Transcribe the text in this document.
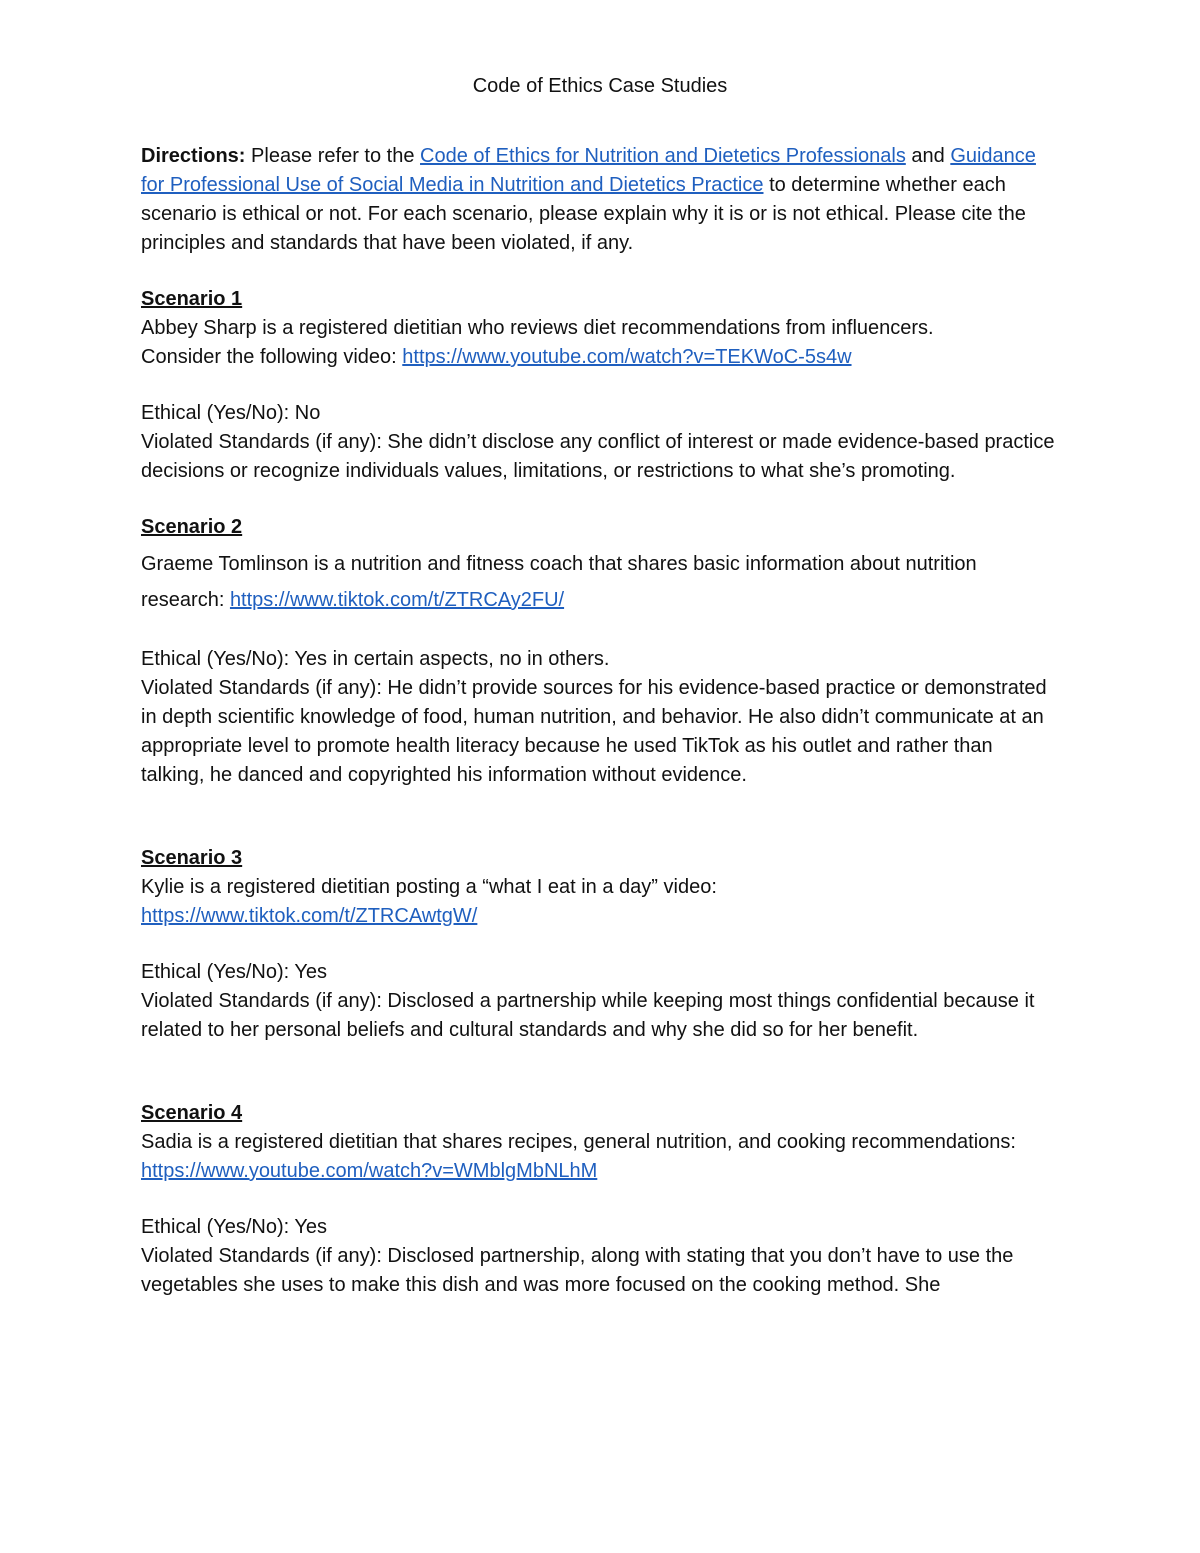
Code of Ethics Case Studies

Directions: Please refer to the Code of Ethics for Nutrition and Dietetics Professionals and Guidance for Professional Use of Social Media in Nutrition and Dietetics Practice to determine whether each scenario is ethical or not. For each scenario, please explain why it is or is not ethical. Please cite the principles and standards that have been violated, if any.

Scenario 1

Abbey Sharp is a registered dietitian who reviews diet recommendations from influencers.

Consider the following video: https://www.youtube.com/watch?v=TEKWoC-5s4w

Ethical (Yes/No): No

Violated Standards (if any): She didn’t disclose any conflict of interest or made evidence-based practice decisions or recognize individuals values, limitations, or restrictions to what she’s promoting.

Scenario 2

Graeme Tomlinson is a nutrition and fitness coach that shares basic information about nutrition research: https://www.tiktok.com/t/ZTRCAy2FU/

Ethical (Yes/No): Yes in certain aspects, no in others.

Violated Standards (if any): He didn’t provide sources for his evidence-based practice or demonstrated in depth scientific knowledge of food, human nutrition, and behavior. He also didn’t communicate at an appropriate level to promote health literacy because he used TikTok as his outlet and rather than talking, he danced and copyrighted his information without evidence.

Scenario 3

Kylie is a registered dietitian posting a “what I eat in a day” video:

https://www.tiktok.com/t/ZTRCAwtgW/

Ethical (Yes/No): Yes

Violated Standards (if any): Disclosed a partnership while keeping most things confidential because it related to her personal beliefs and cultural standards and why she did so for her benefit.

Scenario 4

Sadia is a registered dietitian that shares recipes, general nutrition, and cooking recommendations: https://www.youtube.com/watch?v=WMblgMbNLhM

Ethical (Yes/No): Yes

Violated Standards (if any): Disclosed partnership, along with stating that you don’t have to use the vegetables she uses to make this dish and was more focused on the cooking method. She
